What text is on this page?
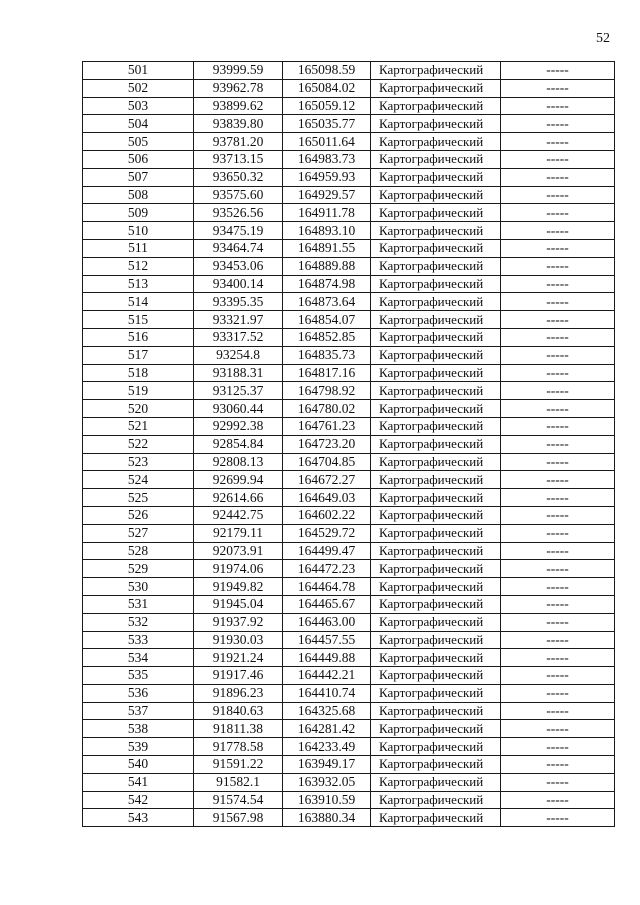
52
501	93999.59	165098.59	Картографический	-----
502	93962.78	165084.02	Картографический	-----
503	93899.62	165059.12	Картографический	-----
504	93839.80	165035.77	Картографический	-----
505	93781.20	165011.64	Картографический	-----
506	93713.15	164983.73	Картографический	-----
507	93650.32	164959.93	Картографический	-----
508	93575.60	164929.57	Картографический	-----
509	93526.56	164911.78	Картографический	-----
510	93475.19	164893.10	Картографический	-----
511	93464.74	164891.55	Картографический	-----
512	93453.06	164889.88	Картографический	-----
513	93400.14	164874.98	Картографический	-----
514	93395.35	164873.64	Картографический	-----
515	93321.97	164854.07	Картографический	-----
516	93317.52	164852.85	Картографический	-----
517	93254.8	164835.73	Картографический	-----
518	93188.31	164817.16	Картографический	-----
519	93125.37	164798.92	Картографический	-----
520	93060.44	164780.02	Картографический	-----
521	92992.38	164761.23	Картографический	-----
522	92854.84	164723.20	Картографический	-----
523	92808.13	164704.85	Картографический	-----
524	92699.94	164672.27	Картографический	-----
525	92614.66	164649.03	Картографический	-----
526	92442.75	164602.22	Картографический	-----
527	92179.11	164529.72	Картографический	-----
528	92073.91	164499.47	Картографический	-----
529	91974.06	164472.23	Картографический	-----
530	91949.82	164464.78	Картографический	-----
531	91945.04	164465.67	Картографический	-----
532	91937.92	164463.00	Картографический	-----
533	91930.03	164457.55	Картографический	-----
534	91921.24	164449.88	Картографический	-----
535	91917.46	164442.21	Картографический	-----
536	91896.23	164410.74	Картографический	-----
537	91840.63	164325.68	Картографический	-----
538	91811.38	164281.42	Картографический	-----
539	91778.58	164233.49	Картографический	-----
540	91591.22	163949.17	Картографический	-----
541	91582.1	163932.05	Картографический	-----
542	91574.54	163910.59	Картографический	-----
543	91567.98	163880.34	Картографический	-----
